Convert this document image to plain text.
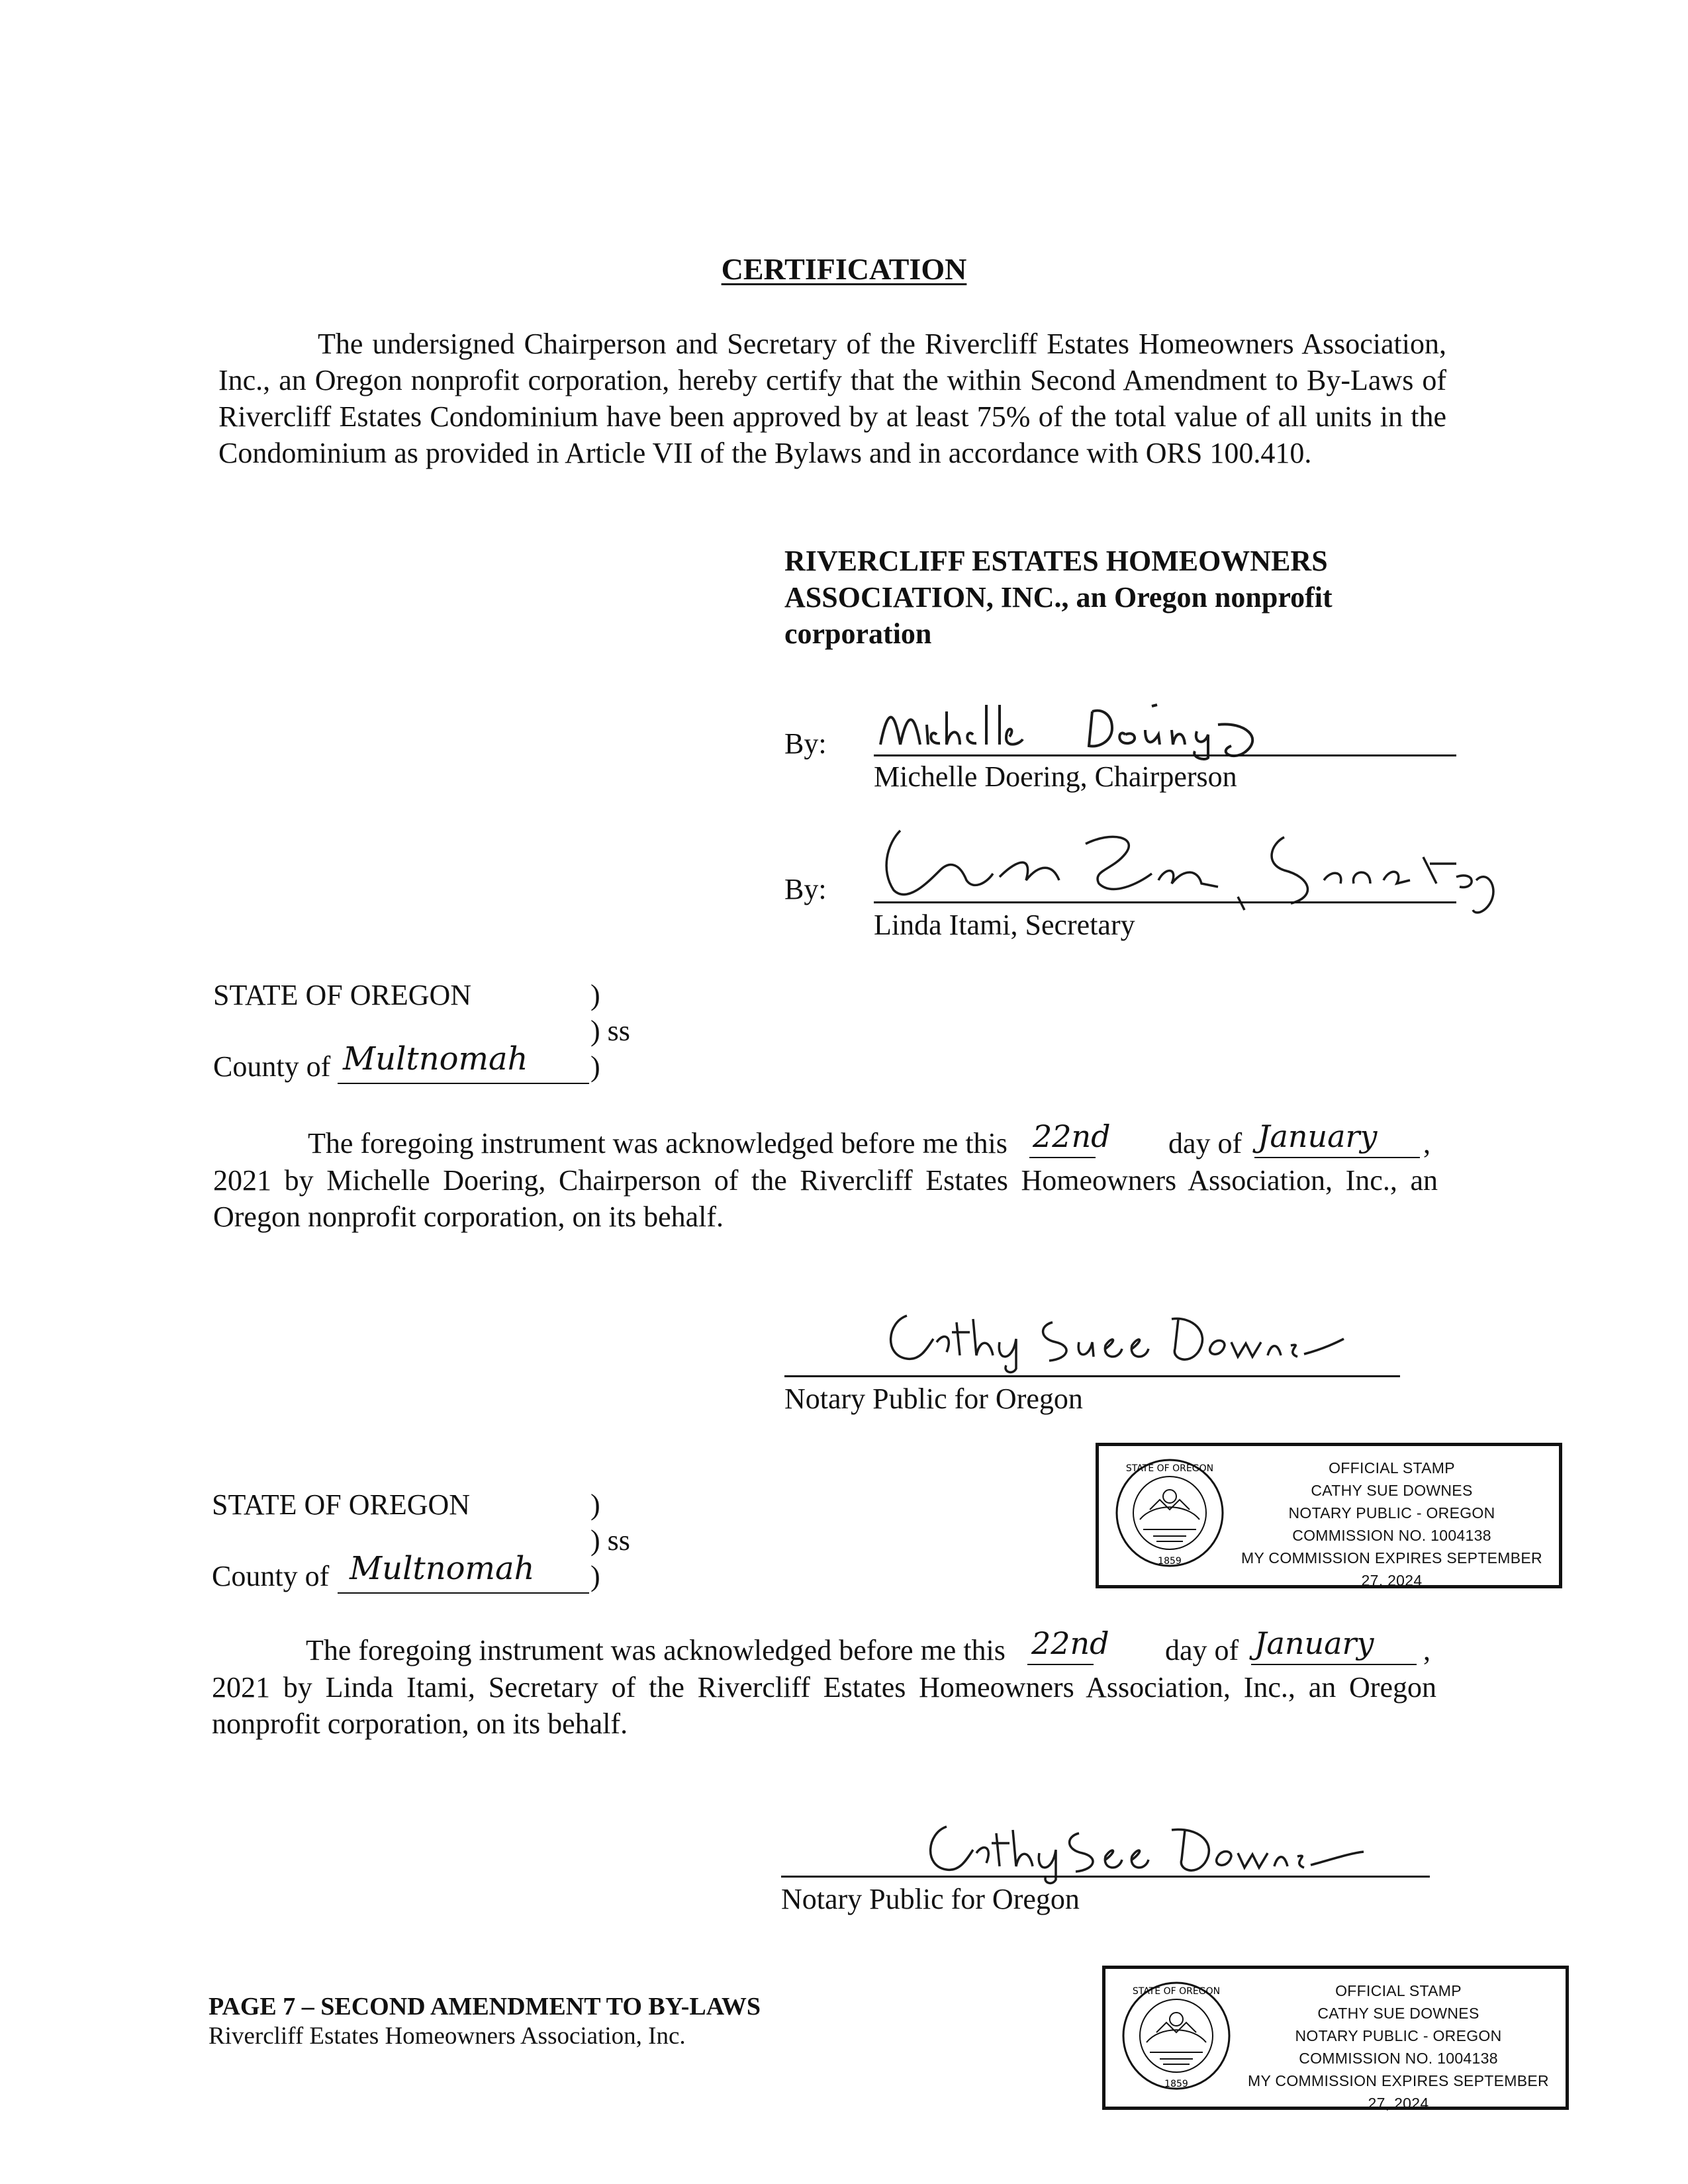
CERTIFICATION
The undersigned Chairperson and Secretary of the Rivercliff Estates Homeowners Association, Inc., an Oregon nonprofit corporation, hereby certify that the within Second Amendment to By-Laws of Rivercliff Estates Condominium have been approved by at least 75% of the total value of all units in the Condominium as provided in Article VII of the Bylaws and in accordance with ORS 100.410.
RIVERCLIFF ESTATES HOMEOWNERS
ASSOCIATION, INC., an Oregon nonprofit
corporation
By:
Michelle Doering, Chairperson
By:
Linda Itami, Secretary
STATE OF OREGON	)
) ss
County of Multnomah )
The foregoing instrument was acknowledged before me this 22nd day of January ,
2021 by Michelle Doering, Chairperson of the Rivercliff Estates Homeowners Association, Inc., an Oregon nonprofit corporation, on its behalf.
Notary Public for Oregon
STATE OF OREGON
1859
OFFICIAL STAMP
CATHY SUE DOWNES
NOTARY PUBLIC - OREGON
COMMISSION NO. 1004138
MY COMMISSION EXPIRES SEPTEMBER 27, 2024
STATE OF OREGON	)
) ss
County of Multnomah )
The foregoing instrument was acknowledged before me this 22nd day of January ,
2021 by Linda Itami, Secretary of the Rivercliff Estates Homeowners Association, Inc., an Oregon nonprofit corporation, on its behalf.
Notary Public for Oregon
STATE OF OREGON
1859
OFFICIAL STAMP
CATHY SUE DOWNES
NOTARY PUBLIC - OREGON
COMMISSION NO. 1004138
MY COMMISSION EXPIRES SEPTEMBER 27, 2024
PAGE 7 – SECOND AMENDMENT TO BY-LAWS
Rivercliff Estates Homeowners Association, Inc.
